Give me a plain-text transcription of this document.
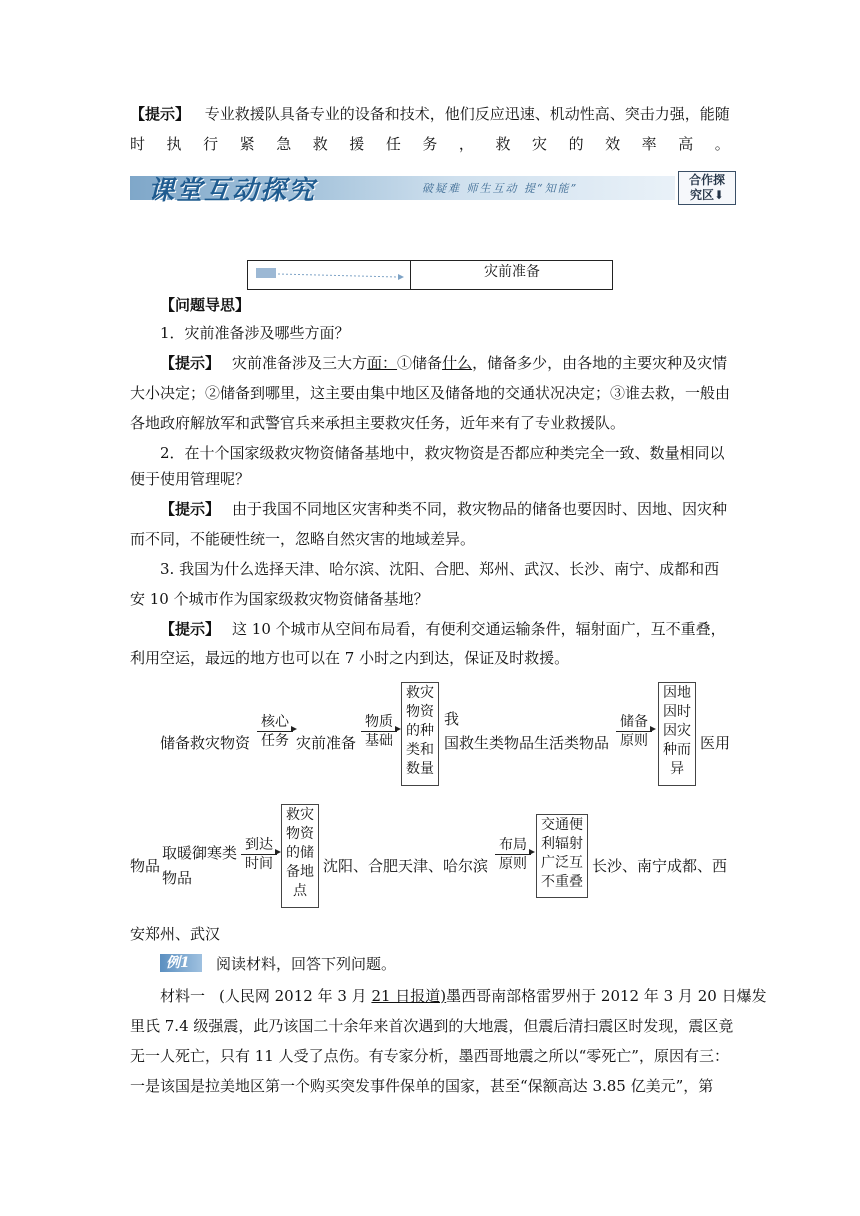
【提示】 专业救援队具备专业的设备和技术，他们反应迅速、机动性高、突击力强，能随
时 执 行 紧 急 救 援 任 务 ， 救 灾 的 效 率 高 。
课堂互动探究	破疑难 师生互动 提“知能”
合作探
究区⬇
灾前准备
【问题导思】
1．灾前准备涉及哪些方面？
【提示】 灾前准备涉及三大方面：①储备什么，储备多少，由各地的主要灾种及灾情
大小决定；②储备到哪里，这主要由集中地区及储备地的交通状况决定；③谁去救，一般由
各地政府解放军和武警官兵来承担主要救灾任务，近年来有了专业救援队。
2．在十个国家级救灾物资储备基地中，救灾物资是否都应种类完全一致、数量相同以
便于使用管理呢？
【提示】 由于我国不同地区灾害种类不同，救灾物品的储备也要因时、因地、因灾种
而不同，不能硬性统一，忽略自然灾害的地域差异。
3. 我国为什么选择天津、哈尔滨、沈阳、合肥、郑州、武汉、长沙、南宁、成都和西
安 10 个城市作为国家级救灾物资储备基地？
【提示】 这 10 个城市从空间布局看，有便利交通运输条件，辐射面广，互不重叠，
利用空运，最远的地方也可以在 7 小时之内到达，保证及时救援。
储备救灾物资
核心
任务 灾前准备
物质
基础
救灾
物资
的种
类和
数量
我
国救生类物品生活类物品
储备
原则
因地
因时
因灾
种而
异
医用
物品
取暖御寒类
物品
到达
时间
救灾
物资
的储
备地
点
沈阳、合肥天津、哈尔滨
布局
原则
交通便
利辐射
广泛互
不重叠
长沙、南宁成都、西
安郑州、武汉
例1	阅读材料，回答下列问题。
材料一 (人民网 2012 年 3 月 21 日报道)墨西哥南部格雷罗州于 2012 年 3 月 20 日爆发
里氏 7.4 级强震，此乃该国二十余年来首次遇到的大地震，但震后清扫震区时发现，震区竟
无一人死亡，只有 11 人受了点伤。有专家分析，墨西哥地震之所以“零死亡”，原因有三：
一是该国是拉美地区第一个购买突发事件保单的国家，甚至“保额高达 3.85 亿美元”，第
